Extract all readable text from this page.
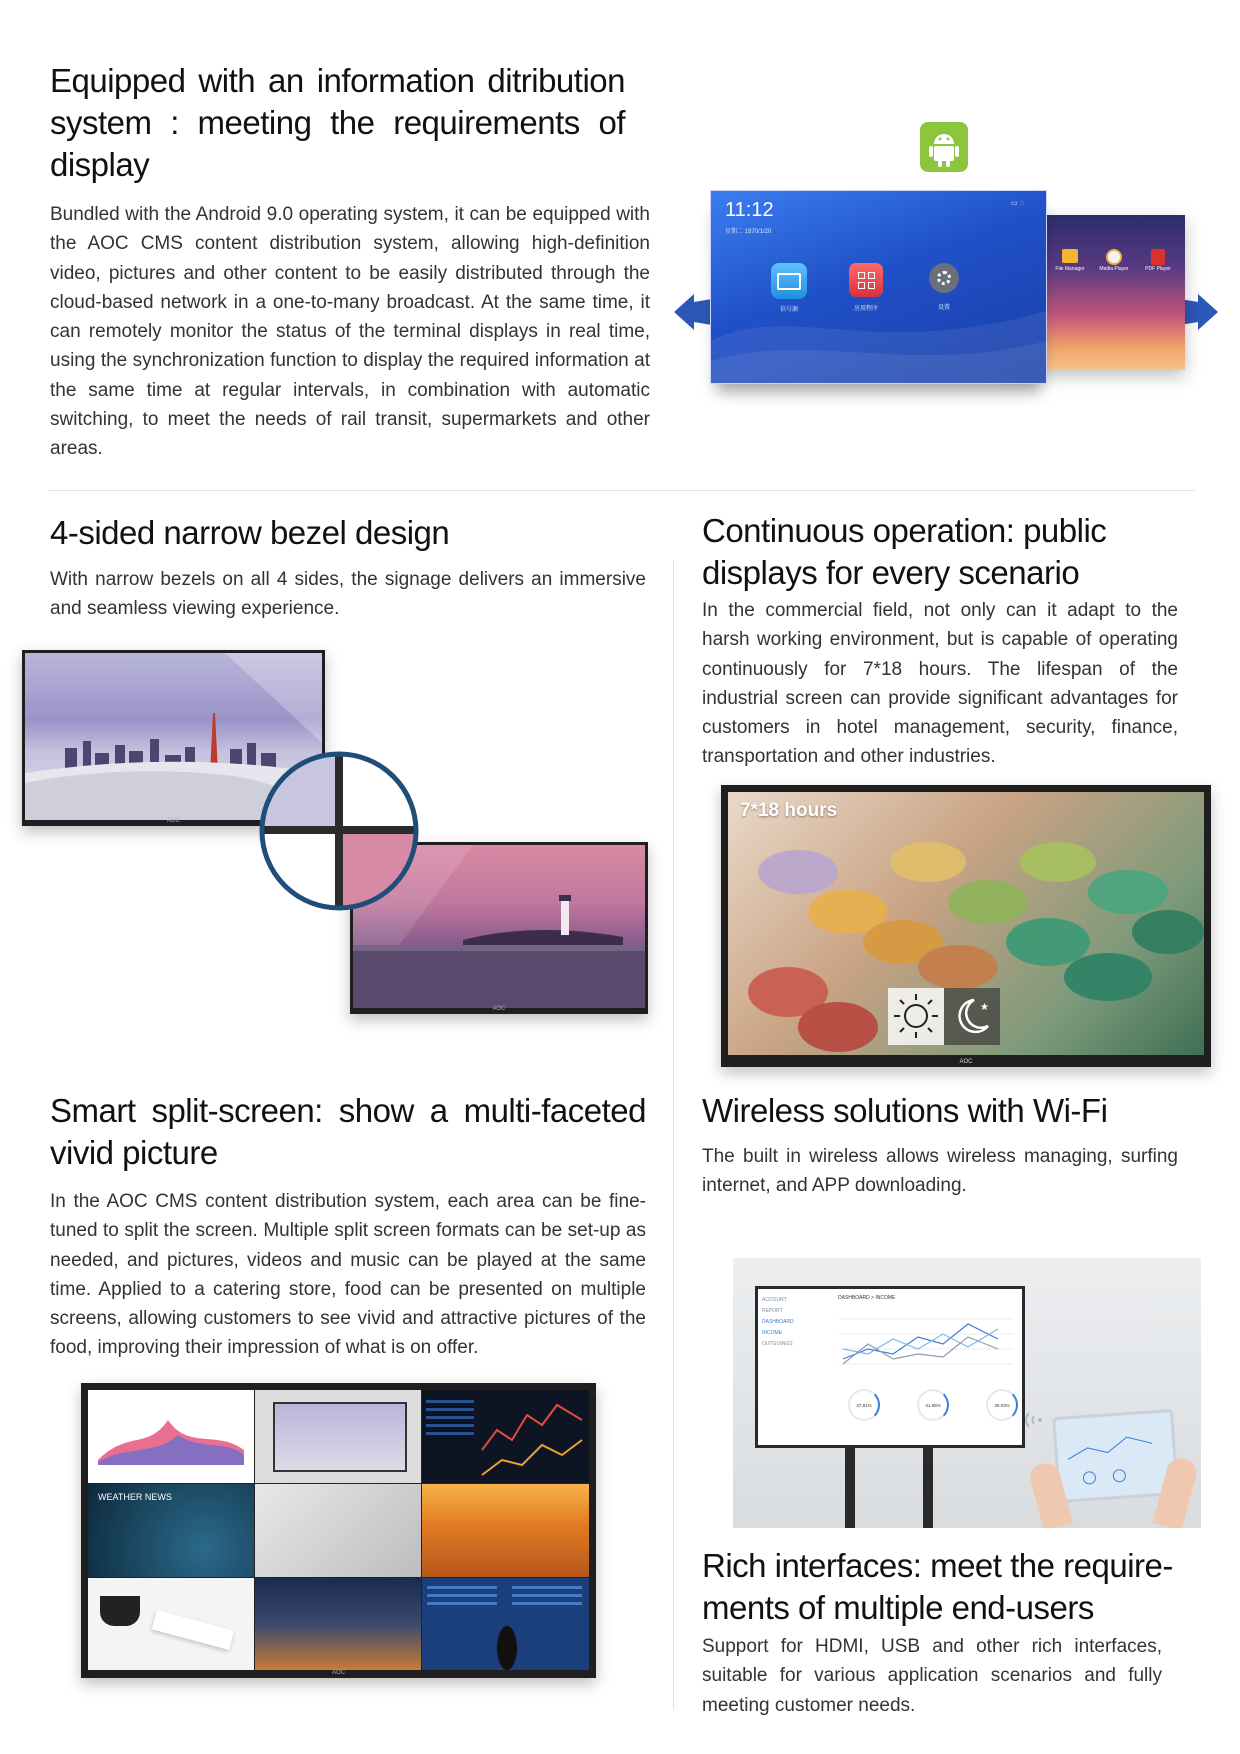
Equipped with an information ditribution system : meeting the requirements of display

Bundled with the Android 9.0 operating system, it can be equipped with the AOC CMS content distribution system, allowing high-definition video, pictures and other content to be easily distributed through the cloud-based network in a one-to-many broadcast. At the same time, it can remotely monitor the status of the terminal displays in real time, using the synchronization function to display the required information at the same time at regular intervals, in combination with automatic switching, to meet the needs of rail transit, supermarkets and other areas.

File Manager	Media Player	PDF Player
11:12
星期二 1970/1/20
▭ ◌
信号源	应用程序	设置
4-sided narrow bezel design

With narrow bezels on all 4 sides, the signage delivers an immersive and seamless viewing experience.

AOC
AOC
Continuous operation: public displays for every scenario

In the commercial field, not only can it adapt to the harsh working environment, but is capable of operating continuously for 7*18 hours. The lifespan of the industrial screen can provide significant advantages for customers in hotel management, security, finance, transportation and other industries.

7*18 hours
★
AOC
Smart split-screen: show a multi-faceted vivid picture

In the AOC CMS content distribution system, each area can be fine-tuned to split the screen. Multiple split screen formats can be set-up as needed, and pictures, videos and music can be played at the same time. Applied to a catering store, food can be presented on multiple screens, allowing customers to see vivid and attractive pictures of the food, improving their impression of what is on offer.

WEATHER NEWS
AOC
Wireless solutions with Wi-Fi

The built in wireless allows wireless managing, surfing internet, and APP downloading.

ACCOUNT
REPORT
DASHBOARD
INCOME
OUTGOINGS
DASHBOARD > INCOME
37.81%	31.86%	30.03%
Rich interfaces: meet the require-ments of multiple end-users

Support for HDMI, USB and other rich interfaces, suitable for various application scenarios and fully meeting customer needs.
